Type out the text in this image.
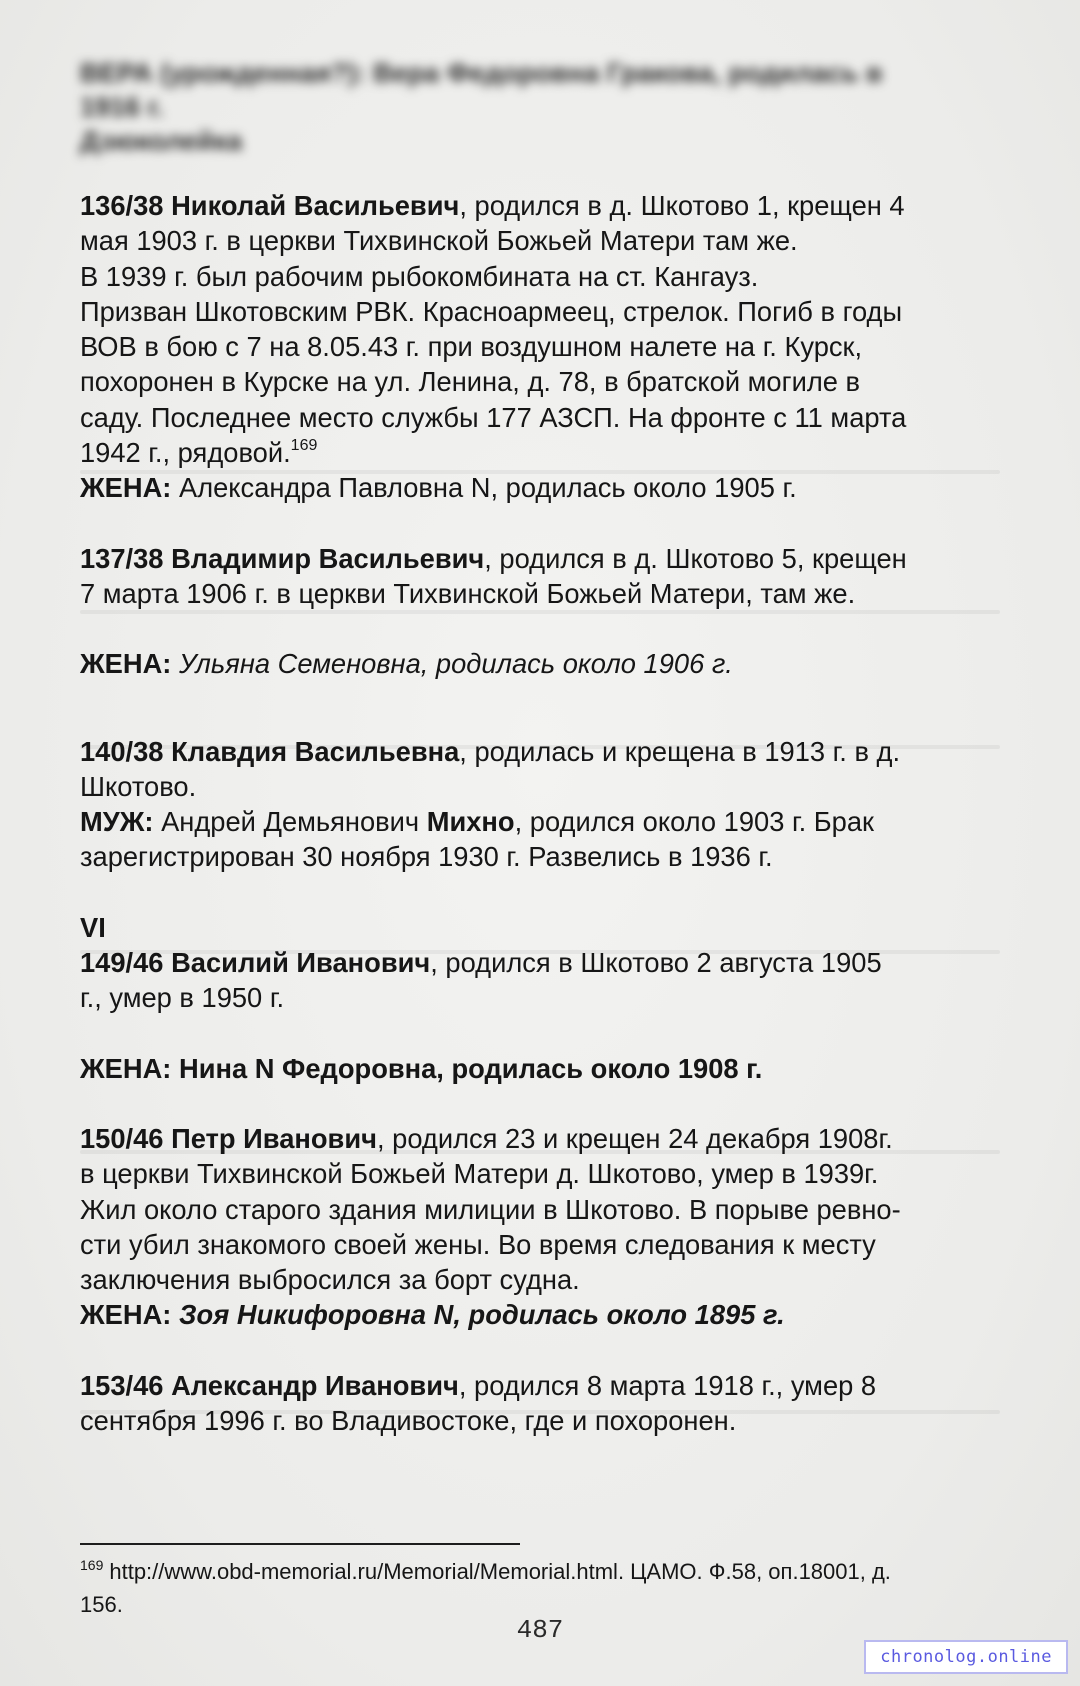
ВЕРА (урожденная?): Вера Федоровна Гракова, родилась в
1916 г.
Дзюколейка

136/38 Николай Васильевич, родился в д. Шкотово 1, крещен 4

мая 1903 г. в церкви Тихвинской Божьей Матери там же.

В 1939 г. был рабочим рыбокомбината на ст. Кангауз.

Призван Шкотовским РВК. Красноармеец, стрелок. Погиб в годы

ВОВ в бою с 7 на 8.05.43 г. при воздушном налете на г. Курск,

похоронен в Курске на ул. Ленина, д. 78, в братской могиле в

саду. Последнее место службы 177 АЗСП. На фронте с 11 марта

1942 г., рядовой.$^{169}$

ЖЕНА: Александра Павловна N, родилась около 1905 г.

137/38 Владимир Васильевич, родился в д. Шкотово 5, крещен

7 марта 1906 г. в церкви Тихвинской Божьей Матери, там же.

ЖЕНА: Ульяна Семеновна, родилась около 1906 г.

140/38 Клавдия Васильевна, родилась и крещена в 1913 г. в д.

Шкотово.

МУЖ: Андрей Демьянович Михно, родился около 1903 г. Брак

зарегистрирован 30 ноября 1930 г. Развелись в 1936 г.

VI

149/46 Василий Иванович, родился в Шкотово 2 августа 1905

г., умер в 1950 г.

ЖЕНА: Нина N Федоровна, родилась около 1908 г.

150/46 Петр Иванович, родился 23 и крещен 24 декабря 1908г.

в церкви Тихвинской Божьей Матери д. Шкотово, умер в 1939г.

Жил около старого здания милиции в Шкотово. В порыве ревно-

сти убил знакомого своей жены. Во время следования к месту

заключения выбросился за борт судна.

ЖЕНА: Зоя Никифоровна N, родилась около 1895 г.

153/46 Александр Иванович, родился 8 марта 1918 г., умер 8

сентября 1996 г. во Владивостоке, где и похоронен.

$^{169}$ http://www.obd-memorial.ru/Memorial/Memorial.html. ЦАМО. Ф.58, оп.18001, д.
156.
487
chronolog.online
